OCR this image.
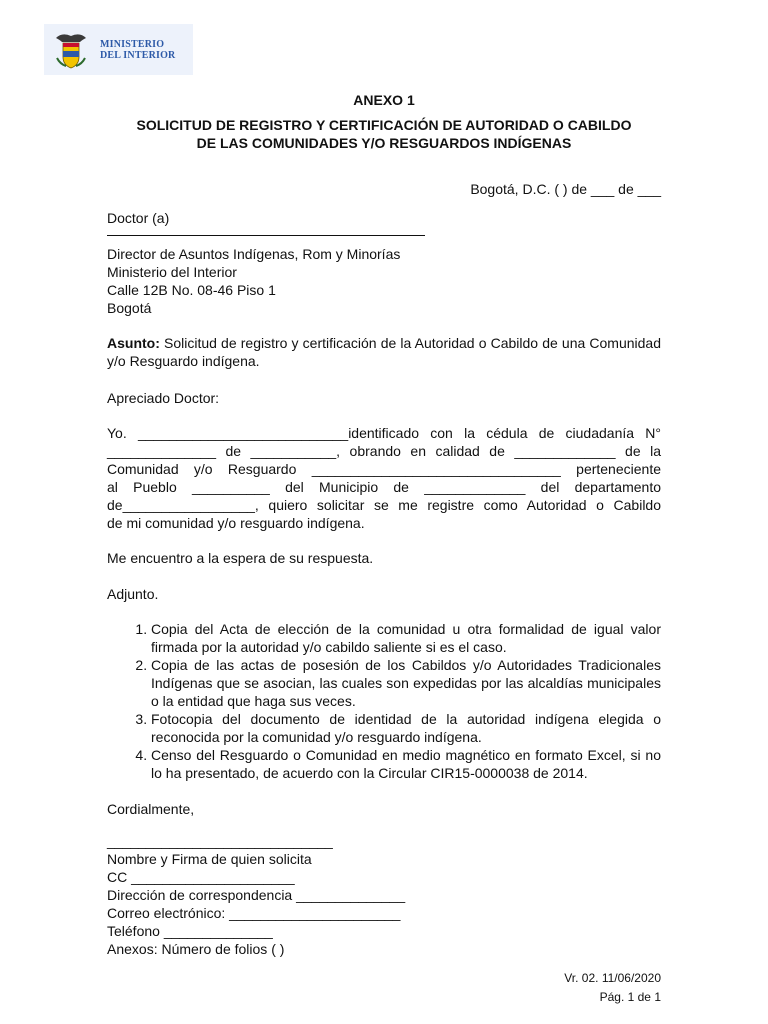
MINISTERIO
DEL INTERIOR
ANEXO 1
SOLICITUD DE REGISTRO Y CERTIFICACIÓN DE AUTORIDAD O CABILDO
DE LAS COMUNIDADES Y/O RESGUARDOS INDÍGENAS
Bogotá, D.C. ( ) de ___ de ___
Doctor (a)
Director de Asuntos Indígenas, Rom y Minorías
Ministerio del Interior
Calle 12B No. 08-46 Piso 1
Bogotá
Asunto: Solicitud de registro y certificación de la Autoridad o Cabildo de una Comunidad y/o Resguardo indígena.
Apreciado Doctor:
Yo. ___________________________identificado con la cédula de ciudadanía N°
______________ de ___________, obrando en calidad de _____________ de la
Comunidad y/o Resguardo ________________________________ perteneciente
al Pueblo __________ del Municipio de _____________ del departamento
de_________________, quiero solicitar se me registre como Autoridad o Cabildo
de mi comunidad y/o resguardo indígena.
Me encuentro a la espera de su respuesta.
Adjunto.
1. Copia del Acta de elección de la comunidad u otra formalidad de igual valor firmada por la autoridad y/o cabildo saliente si es el caso.
2. Copia de las actas de posesión de los Cabildos y/o Autoridades Tradicionales Indígenas que se asocian, las cuales son expedidas por las alcaldías municipales o la entidad que haga sus veces.
3. Fotocopia del documento de identidad de la autoridad indígena elegida o reconocida por la comunidad y/o resguardo indígena.
4. Censo del Resguardo o Comunidad en medio magnético en formato Excel, si no lo ha presentado, de acuerdo con la Circular CIR15-0000038 de 2014.
Cordialmente,
_____________________________
Nombre y Firma de quien solicita
CC _____________________
Dirección de correspondencia ______________
Correo electrónico: ______________________
Teléfono ______________
Anexos: Número de folios ( )
Vr. 02. 11/06/2020
Pág. 1 de 1
